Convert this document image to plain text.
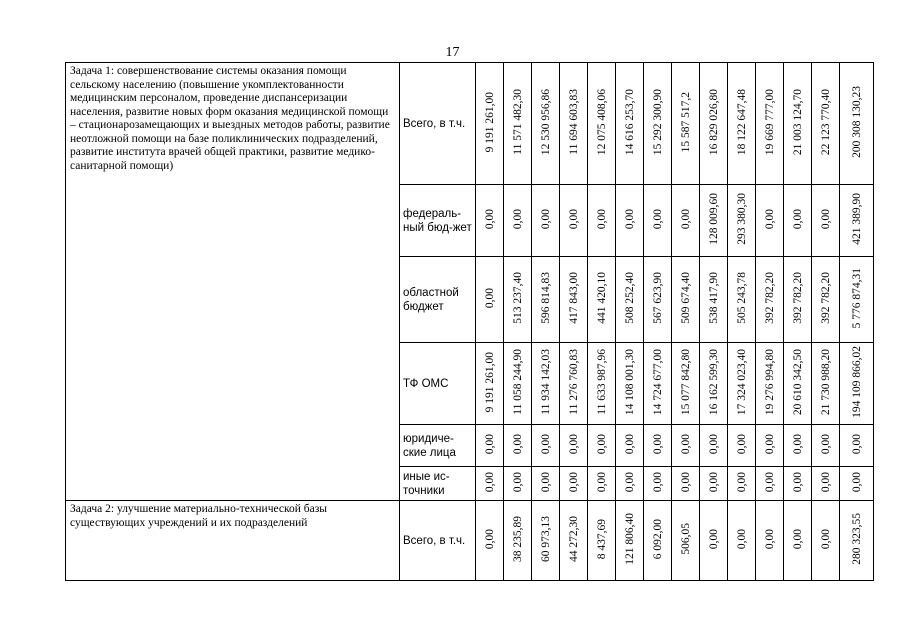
17
Задача 1: совершенствование системы оказания помощи сельскому населению (повышение укомплектованности медицинским персоналом, проведение диспансеризации населения, развитие новых форм оказания медицинской помощи – стационарозамещающих и выездных методов работы, развитие неотложной помощи на базе поликлинических подразделений, развитие института врачей общей практики, развитие медико-санитарной помощи)	Всего, в т.ч.	9 191 261,00	11 571 482,30	12 530 956,86	11 694 603,83	12 075 408,06	14 616 253,70	15 292 300,90	15 587 517,2	16 829 026,80	18 122 647,48	19 669 777,00	21 003 124,70	22 123 770,40	200 308 130,23
	федераль-ный бюд-жет	0,00	0,00	0,00	0,00	0,00	0,00	0,00	0,00	128 009,60	293 380,30	0,00	0,00	0,00	421 389,90
	областной бюджет	0,00	513 237,40	596 814,83	417 843,00	441 420,10	508 252,40	567 623,90	509 674,40	538 417,90	505 243,78	392 782,20	392 782,20	392 782,20	5 776 874,31
	ТФ ОМС	9 191 261,00	11 058 244,90	11 934 142,03	11 276 760,83	11 633 987,96	14 108 001,30	14 724 677,00	15 077 842,80	16 162 599,30	17 324 023,40	19 276 994,80	20 610 342,50	21 730 988,20	194 109 866,02
	юридиче-ские лица	0,00	0,00	0,00	0,00	0,00	0,00	0,00	0,00	0,00	0,00	0,00	0,00	0,00	0,00
	иные ис-точники	0,00	0,00	0,00	0,00	0,00	0,00	0,00	0,00	0,00	0,00	0,00	0,00	0,00	0,00
Задача 2: улучшение материально-технической базы существующих учреждений и их подразделений	Всего, в т.ч.	0,00	38 235,89	60 973,13	44 272,30	8 437,69	121 806,40	6 092,00	506,05	0,00	0,00	0,00	0,00	0,00	280 323,55
